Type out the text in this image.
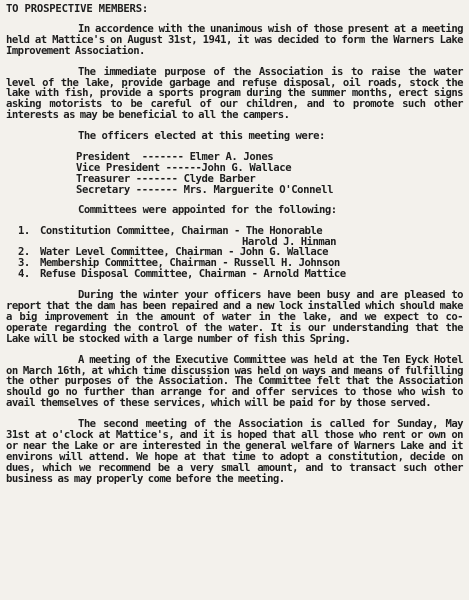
TO PROSPECTIVE MEMBERS:

In accordence with the unanimous wish of those present at a meeting held at Mattice's on August 31st, 1941, it was decided to form the Warners Lake Improvement Association.

The immediate purpose of the Association is to raise the water level of the lake, provide garbage and refuse disposal, oil roads, stock the lake with fish, provide a sports program during the summer months, erect signs asking motorists to be careful of our children, and to promote such other interests as may be beneficial to all the campers.

The officers elected at this meeting were:

President  ------- Elmer A. Jones
Vice President ------John G. Wallace
Treasurer ------- Clyde Barber
Secretary ------- Mrs. Marguerite O'Connell

Committees were appointed for the following:

1. Constitution Committee, Chairman - The Honorable
Harold J. Hinman
2. Water Level Committee, Chairman - John G. Wallace
3. Membership Committee, Chairman - Russell H. Johnson
4. Refuse Disposal Committee, Chairman - Arnold Mattice

During the winter your officers have been busy and are pleased to report that the dam has been repaired and a new lock installed which should make a big improvement in the amount of water in the lake, and we expect to co-operate regarding the control of the water. It is our understanding that the Lake will be stocked with a large number of fish this Spring.

A meeting of the Executive Committee was held at the Ten Eyck Hotel on March 16th, at which time discussion was held on ways and means of fulfilling the other purposes of the Association. The Committee felt that the Association should go no further than arrange for and offer services to those who wish to avail themselves of these services, which will be paid for by those served.

The second meeting of the Association is called for Sunday, May 31st at o'clock at Mattice's, and it is hoped that all those who rent or own on or near the Lake or are interested in the general welfare of Warners Lake and it environs will attend. We hope at that time to adopt a constitution, decide on dues, which we recommend be a very small amount, and to transact such other business as may properly come before the meeting.
